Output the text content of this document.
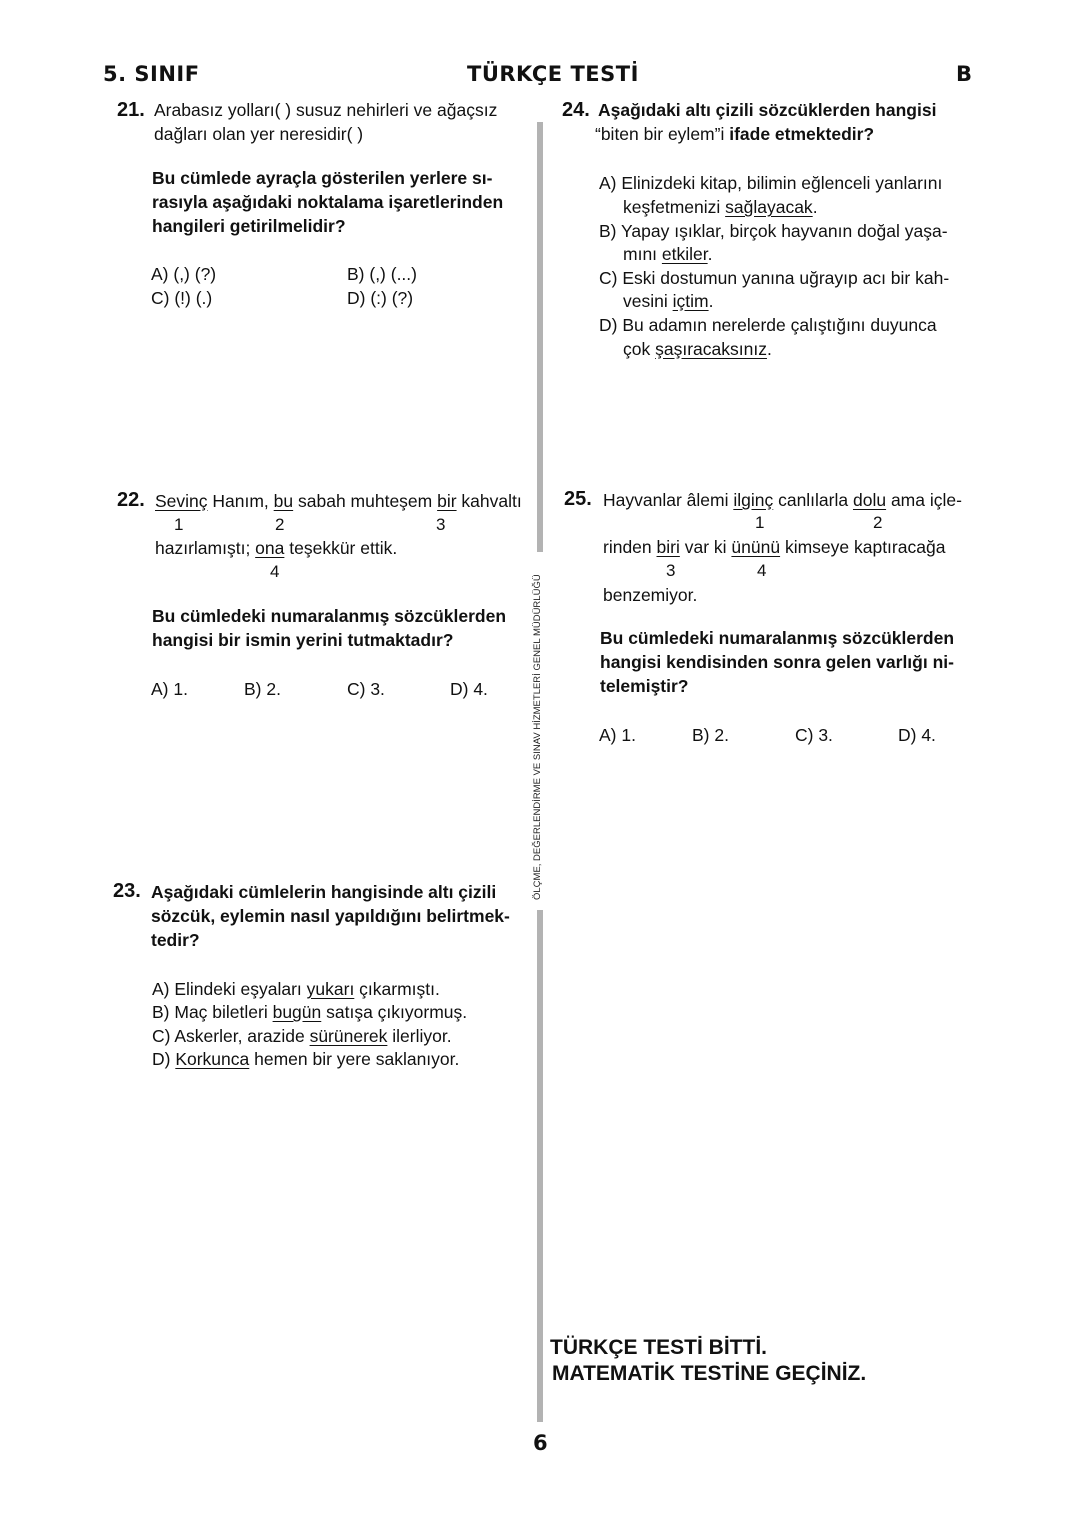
5. SINIF	TÜRKÇE TESTİ	B
ÖLÇME, DEĞERLENDİRME VE SINAV HİZMETLERİ GENEL MÜDÜRLÜĞÜ
21. Arabasız yolları( ) susuz nehirleri ve ağaçsız
dağları olan yer neresidir( )
Bu cümlede ayraçla gösterilen yerlere sı-
rasıyla aşağıdaki noktalama işaretlerinden
hangileri getirilmelidir?
A) (,) (?)	B) (,) (...)
C) (!) (.)	D) (:) (?)
22. Sevinç Hanım, bu sabah muhteşem bir kahvaltı
1	2	3
hazırlamıştı; ona teşekkür ettik.
4
Bu cümledeki numaralanmış sözcüklerden
hangisi bir ismin yerini tutmaktadır?
A) 1.	B) 2.	C) 3.	D) 4.
23. Aşağıdaki cümlelerin hangisinde altı çizili
sözcük, eylemin nasıl yapıldığını belirtmek-
tedir?
A) Elindeki eşyaları yukarı çıkarmıştı.
B) Maç biletleri bugün satışa çıkıyormuş.
C) Askerler, arazide sürünerek ilerliyor.
D) Korkunca hemen bir yere saklanıyor.
24. Aşağıdaki altı çizili sözcüklerden hangisi
“biten bir eylem”i ifade etmektedir?
A) Elinizdeki kitap, bilimin eğlenceli yanlarını
keşfetmenizi sağlayacak.
B) Yapay ışıklar, birçok hayvanın doğal yaşa-
mını etkiler.
C) Eski dostumun yanına uğrayıp acı bir kah-
vesini içtim.
D) Bu adamın nerelerde çalıştığını duyunca
çok şaşıracaksınız.
25. Hayvanlar âlemi ilginç canlılarla dolu ama içle-
1	2
rinden biri var ki ününü kimseye kaptıracağa
3	4
benzemiyor.
Bu cümledeki numaralanmış sözcüklerden
hangisi kendisinden sonra gelen varlığı ni-
telemiştir?
A) 1.	B) 2.	C) 3.	D) 4.
TÜRKÇE TESTİ BİTTİ.
MATEMATİK TESTİNE GEÇİNİZ.
6
